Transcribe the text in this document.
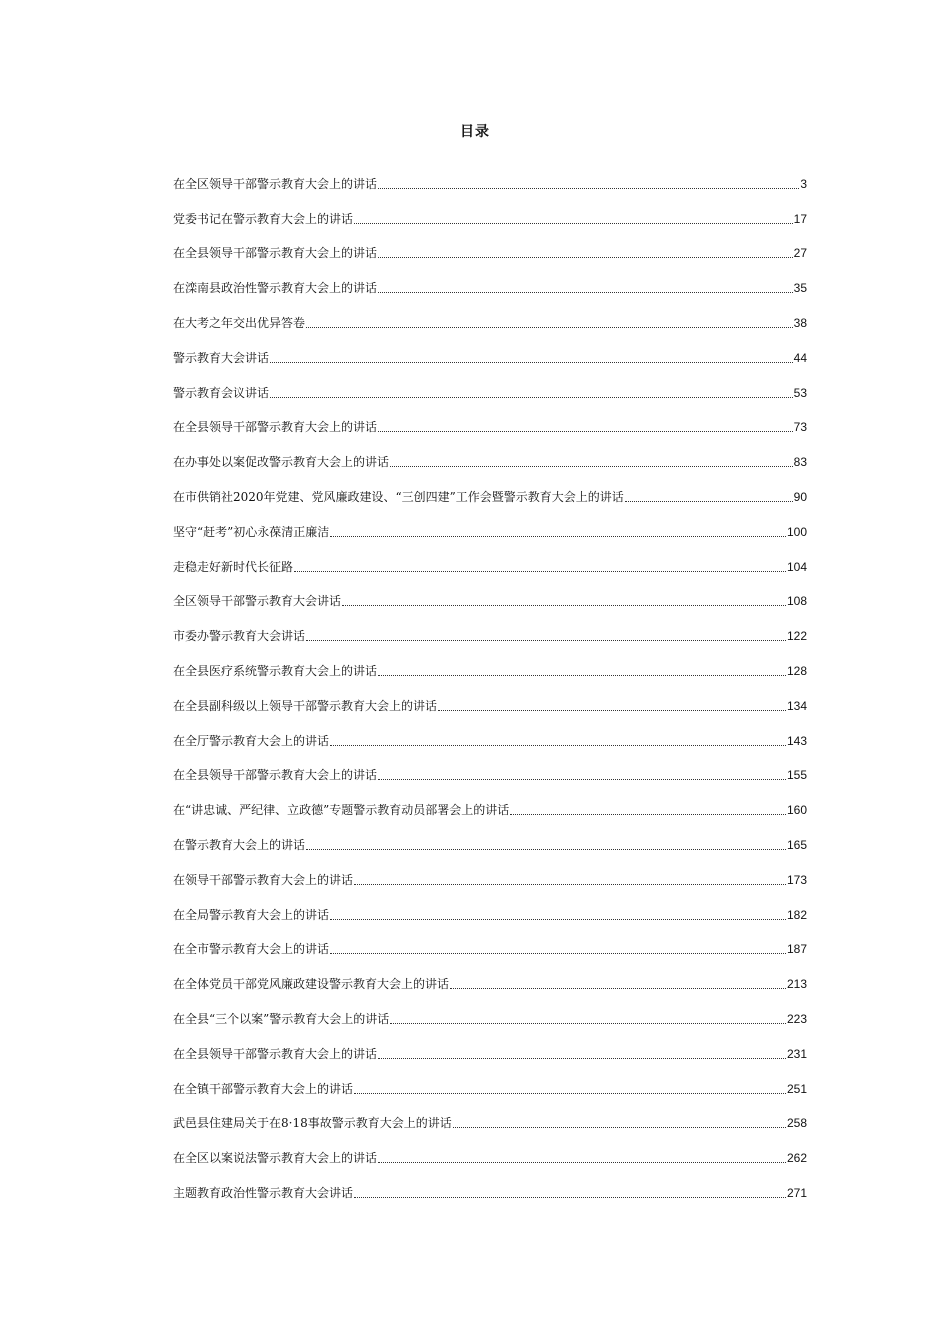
目录
在全区领导干部警示教育大会上的讲话	3
党委书记在警示教育大会上的讲话	17
在全县领导干部警示教育大会上的讲话	27
在滦南县政治性警示教育大会上的讲话	35
在大考之年交出优异答卷	38
警示教育大会讲话	44
警示教育会议讲话	53
在全县领导干部警示教育大会上的讲话	73
在办事处以案促改警示教育大会上的讲话	83
在市供销社2020年党建、党风廉政建设、“三创四建”工作会暨警示教育大会上的讲话	90
坚守“赶考”初心永葆清正廉洁	100
走稳走好新时代长征路	104
全区领导干部警示教育大会讲话	108
市委办警示教育大会讲话	122
在全县医疗系统警示教育大会上的讲话	128
在全县副科级以上领导干部警示教育大会上的讲话	134
在全厅警示教育大会上的讲话	143
在全县领导干部警示教育大会上的讲话	155
在“讲忠诚、严纪律、立政德”专题警示教育动员部署会上的讲话	160
在警示教育大会上的讲话	165
在领导干部警示教育大会上的讲话	173
在全局警示教育大会上的讲话	182
在全市警示教育大会上的讲话	187
在全体党员干部党风廉政建设警示教育大会上的讲话	213
在全县“三个以案”警示教育大会上的讲话	223
在全县领导干部警示教育大会上的讲话	231
在全镇干部警示教育大会上的讲话	251
武邑县住建局关于在8·18事故警示教育大会上的讲话	258
在全区以案说法警示教育大会上的讲话	262
主题教育政治性警示教育大会讲话	271
